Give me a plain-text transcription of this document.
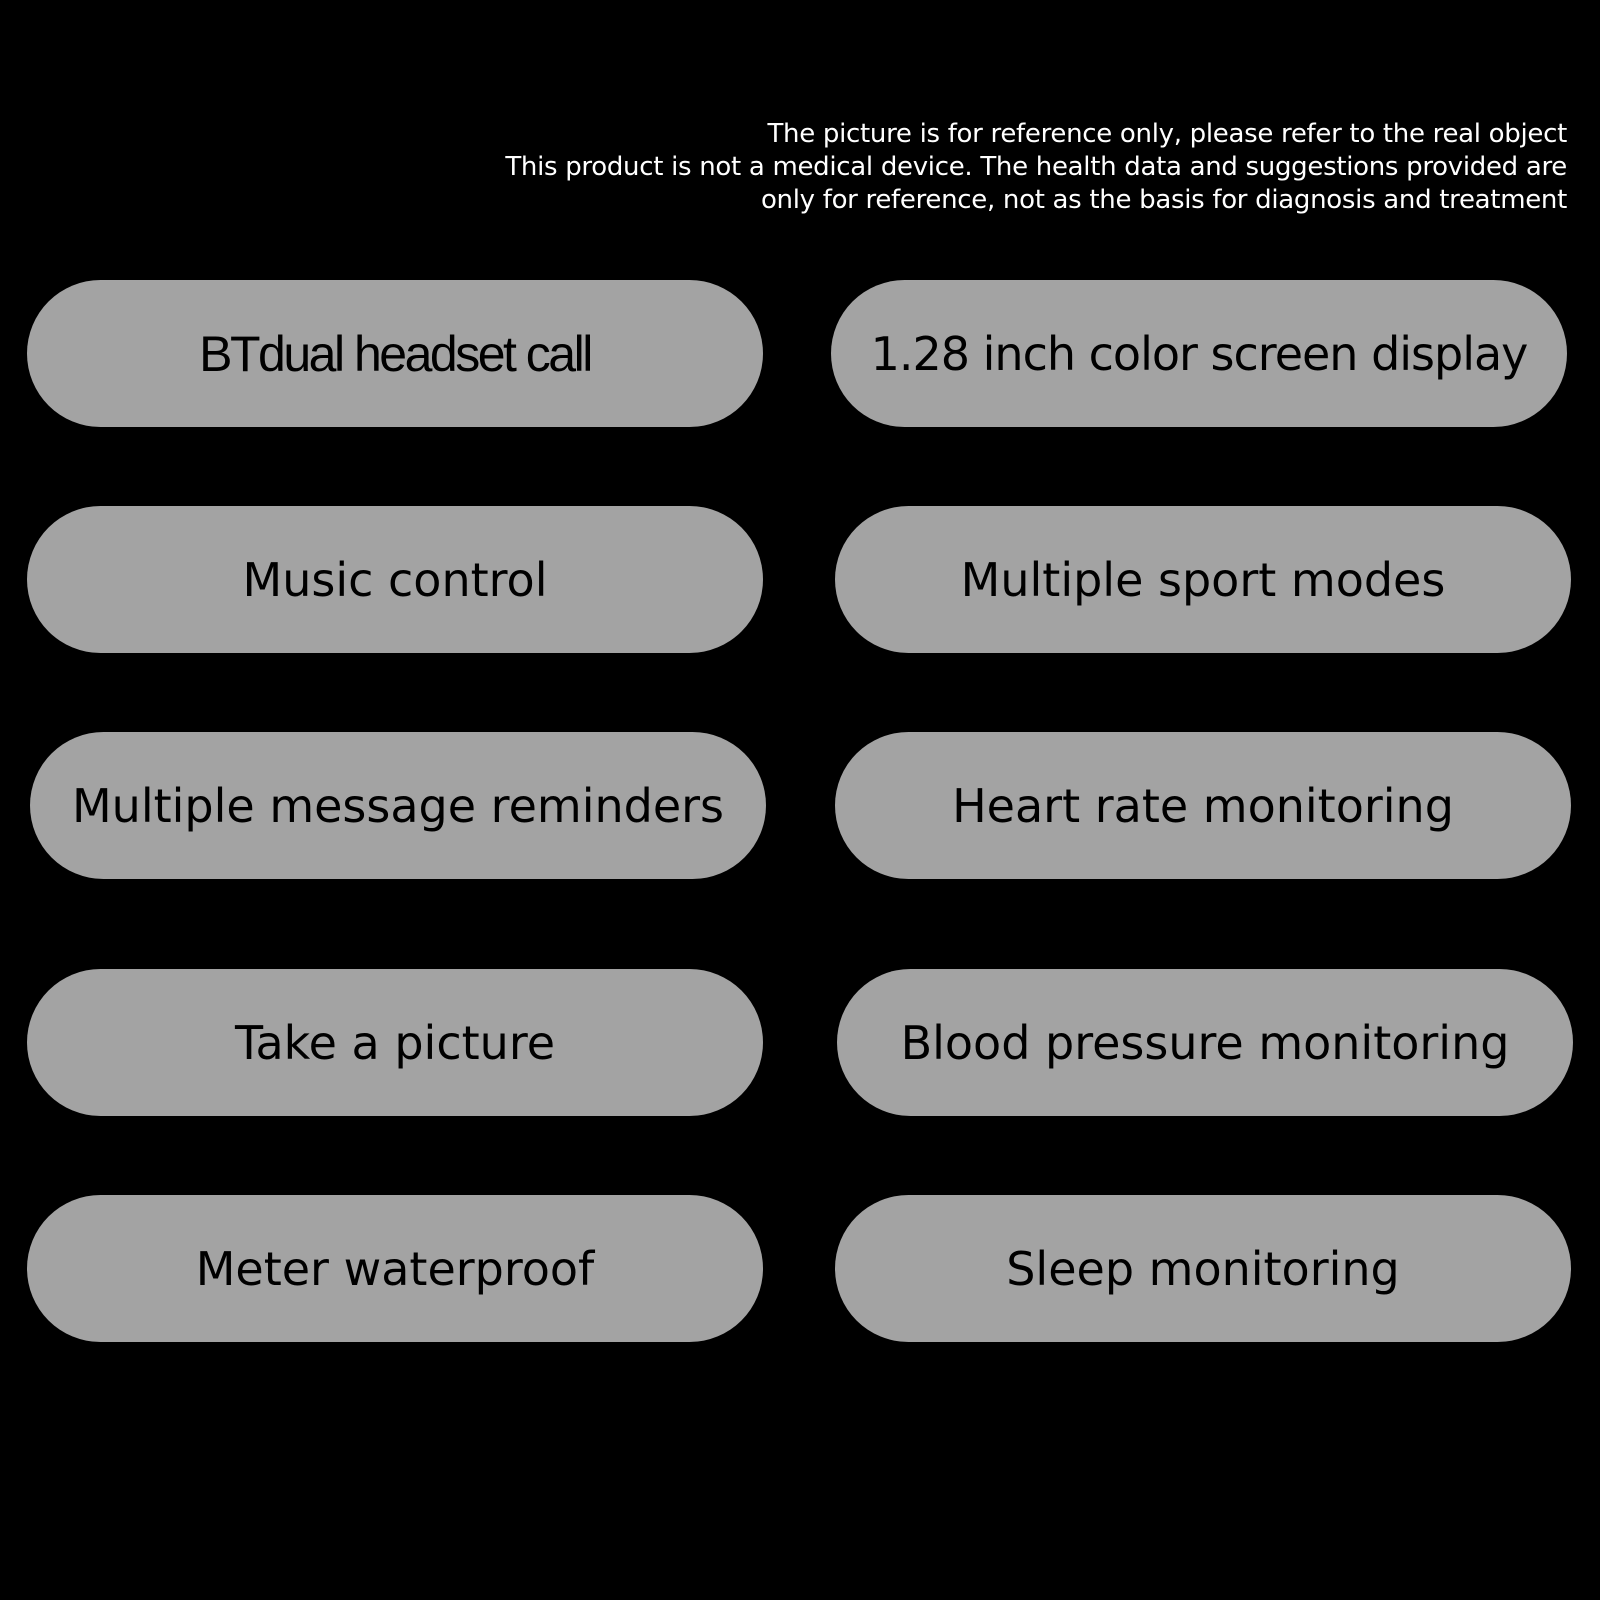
The picture is for reference only, please refer to the real object
This product is not a medical device. The health data and suggestions provided are
only for reference, not as the basis for diagnosis and treatment
BTdual headset call
Music control
Multiple message reminders
Take a picture
Meter waterproof
1.28 inch color screen display
Multiple sport modes
Heart rate monitoring
Blood pressure monitoring
Sleep monitoring
